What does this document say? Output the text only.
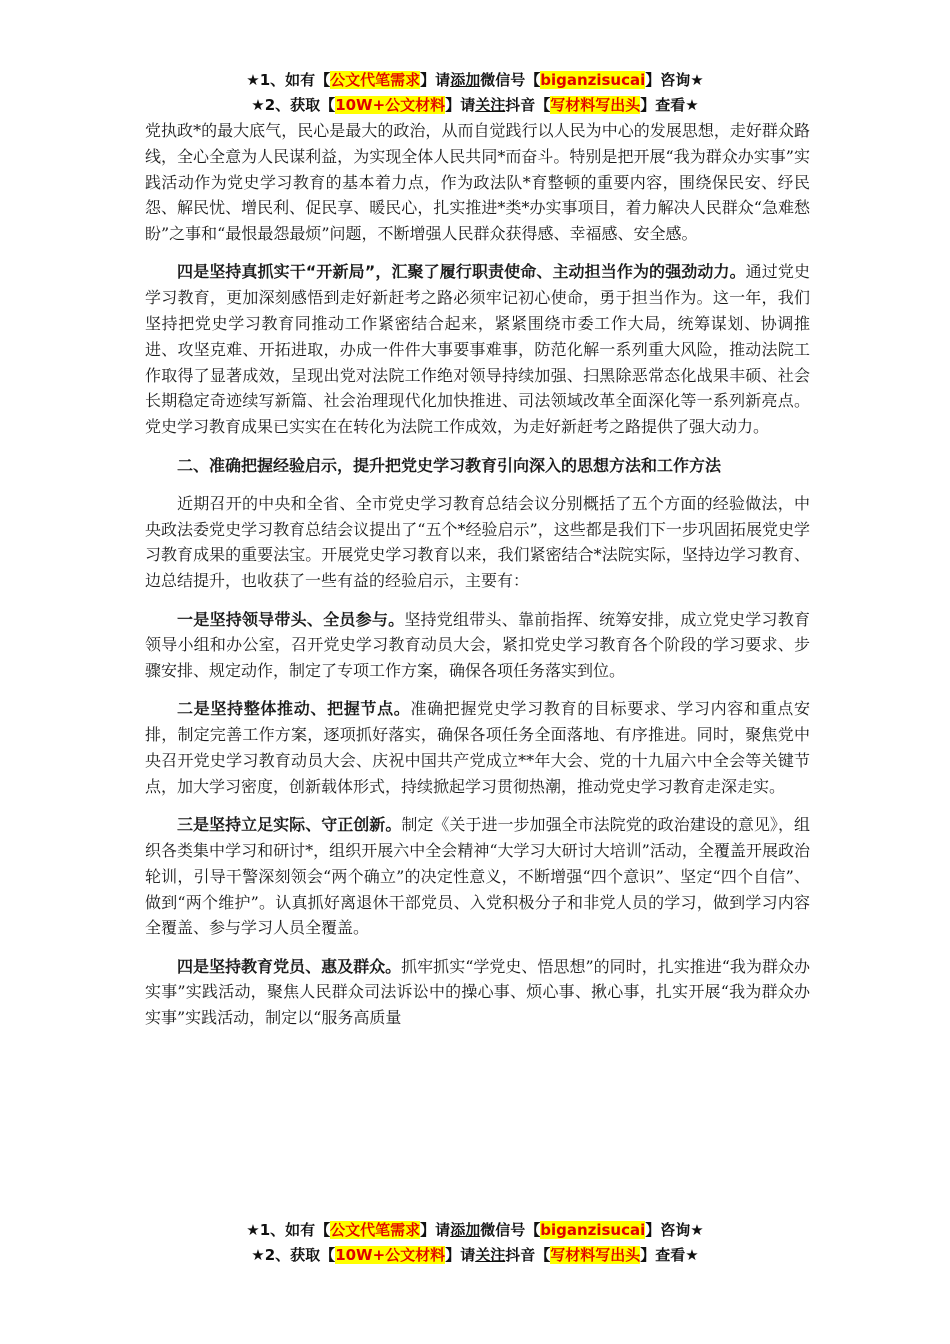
★1、如有【公文代笔需求】请添加微信号【biganzisucai】咨询★
★2、获取【10W+公文材料】请关注抖音【写材料写出头】查看★

党执政*的最大底气，民心是最大的政治，从而自觉践行以人民为中心的发展思想，走好群众路线，全心全意为人民谋利益，为实现全体人民共同*而奋斗。特别是把开展“我为群众办实事”实践活动作为党史学习教育的基本着力点，作为政法队*育整顿的重要内容，围绕保民安、纾民怨、解民忧、增民利、促民享、暖民心，扎实推进*类*办实事项目，着力解决人民群众“急难愁盼”之事和“最恨最怨最烦”问题，不断增强人民群众获得感、幸福感、安全感。

四是坚持真抓实干“开新局”，汇聚了履行职责使命、主动担当作为的强劲动力。通过党史学习教育，更加深刻感悟到走好新赶考之路必须牢记初心使命，勇于担当作为。这一年，我们坚持把党史学习教育同推动工作紧密结合起来，紧紧围绕市委工作大局，统筹谋划、协调推进、攻坚克难、开拓进取，办成一件件大事要事难事，防范化解一系列重大风险，推动法院工作取得了显著成效，呈现出党对法院工作绝对领导持续加强、扫黑除恶常态化战果丰硕、社会长期稳定奇迹续写新篇、社会治理现代化加快推进、司法领域改革全面深化等一系列新亮点。党史学习教育成果已实实在在转化为法院工作成效，为走好新赶考之路提供了强大动力。

二、准确把握经验启示，提升把党史学习教育引向深入的思想方法和工作方法

近期召开的中央和全省、全市党史学习教育总结会议分别概括了五个方面的经验做法，中央政法委党史学习教育总结会议提出了“五个*经验启示”，这些都是我们下一步巩固拓展党史学习教育成果的重要法宝。开展党史学习教育以来，我们紧密结合*法院实际，坚持边学习教育、边总结提升，也收获了一些有益的经验启示，主要有：

一是坚持领导带头、全员参与。坚持党组带头、靠前指挥、统筹安排，成立党史学习教育领导小组和办公室，召开党史学习教育动员大会，紧扣党史学习教育各个阶段的学习要求、步骤安排、规定动作，制定了专项工作方案，确保各项任务落实到位。

二是坚持整体推动、把握节点。准确把握党史学习教育的目标要求、学习内容和重点安排，制定完善工作方案，逐项抓好落实，确保各项任务全面落地、有序推进。同时，聚焦党中央召开党史学习教育动员大会、庆祝中国共产党成立**年大会、党的十九届六中全会等关键节点，加大学习密度，创新载体形式，持续掀起学习贯彻热潮，推动党史学习教育走深走实。

三是坚持立足实际、守正创新。制定《关于进一步加强全市法院党的政治建设的意见》，组织各类集中学习和研讨*，组织开展六中全会精神“大学习大研讨大培训”活动，全覆盖开展政治轮训，引导干警深刻领会“两个确立”的决定性意义，不断增强“四个意识”、坚定“四个自信”、做到“两个维护”。认真抓好离退休干部党员、入党积极分子和非党人员的学习，做到学习内容全覆盖、参与学习人员全覆盖。

四是坚持教育党员、惠及群众。抓牢抓实“学党史、悟思想”的同时，扎实推进“我为群众办实事”实践活动，聚焦人民群众司法诉讼中的操心事、烦心事、揪心事，扎实开展“我为群众办实事”实践活动，制定以“服务高质量

★1、如有【公文代笔需求】请添加微信号【biganzisucai】咨询★
★2、获取【10W+公文材料】请关注抖音【写材料写出头】查看★
